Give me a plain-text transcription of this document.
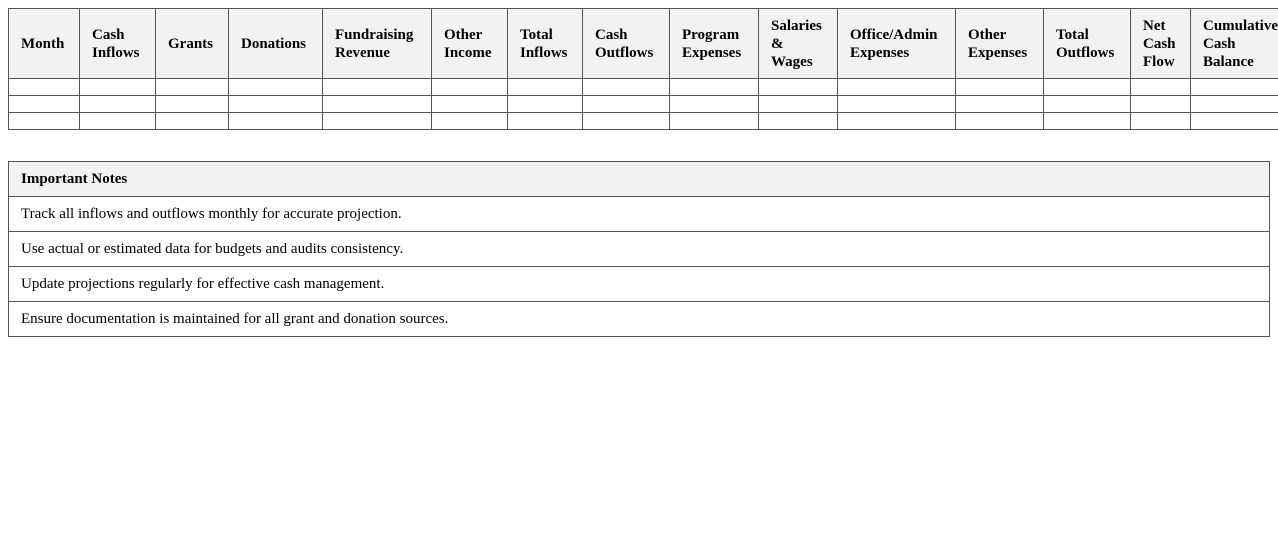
Month	Cash Inflows	Grants	Donations	Fundraising Revenue	Other Income	Total Inflows	Cash Outflows	Program Expenses	Salaries & Wages	Office/Admin Expenses	Other Expenses	Total Outflows	Net Cash Flow	Cumulative Cash Balance

Important Notes
Track all inflows and outflows monthly for accurate projection.
Use actual or estimated data for budgets and audits consistency.
Update projections regularly for effective cash management.
Ensure documentation is maintained for all grant and donation sources.
